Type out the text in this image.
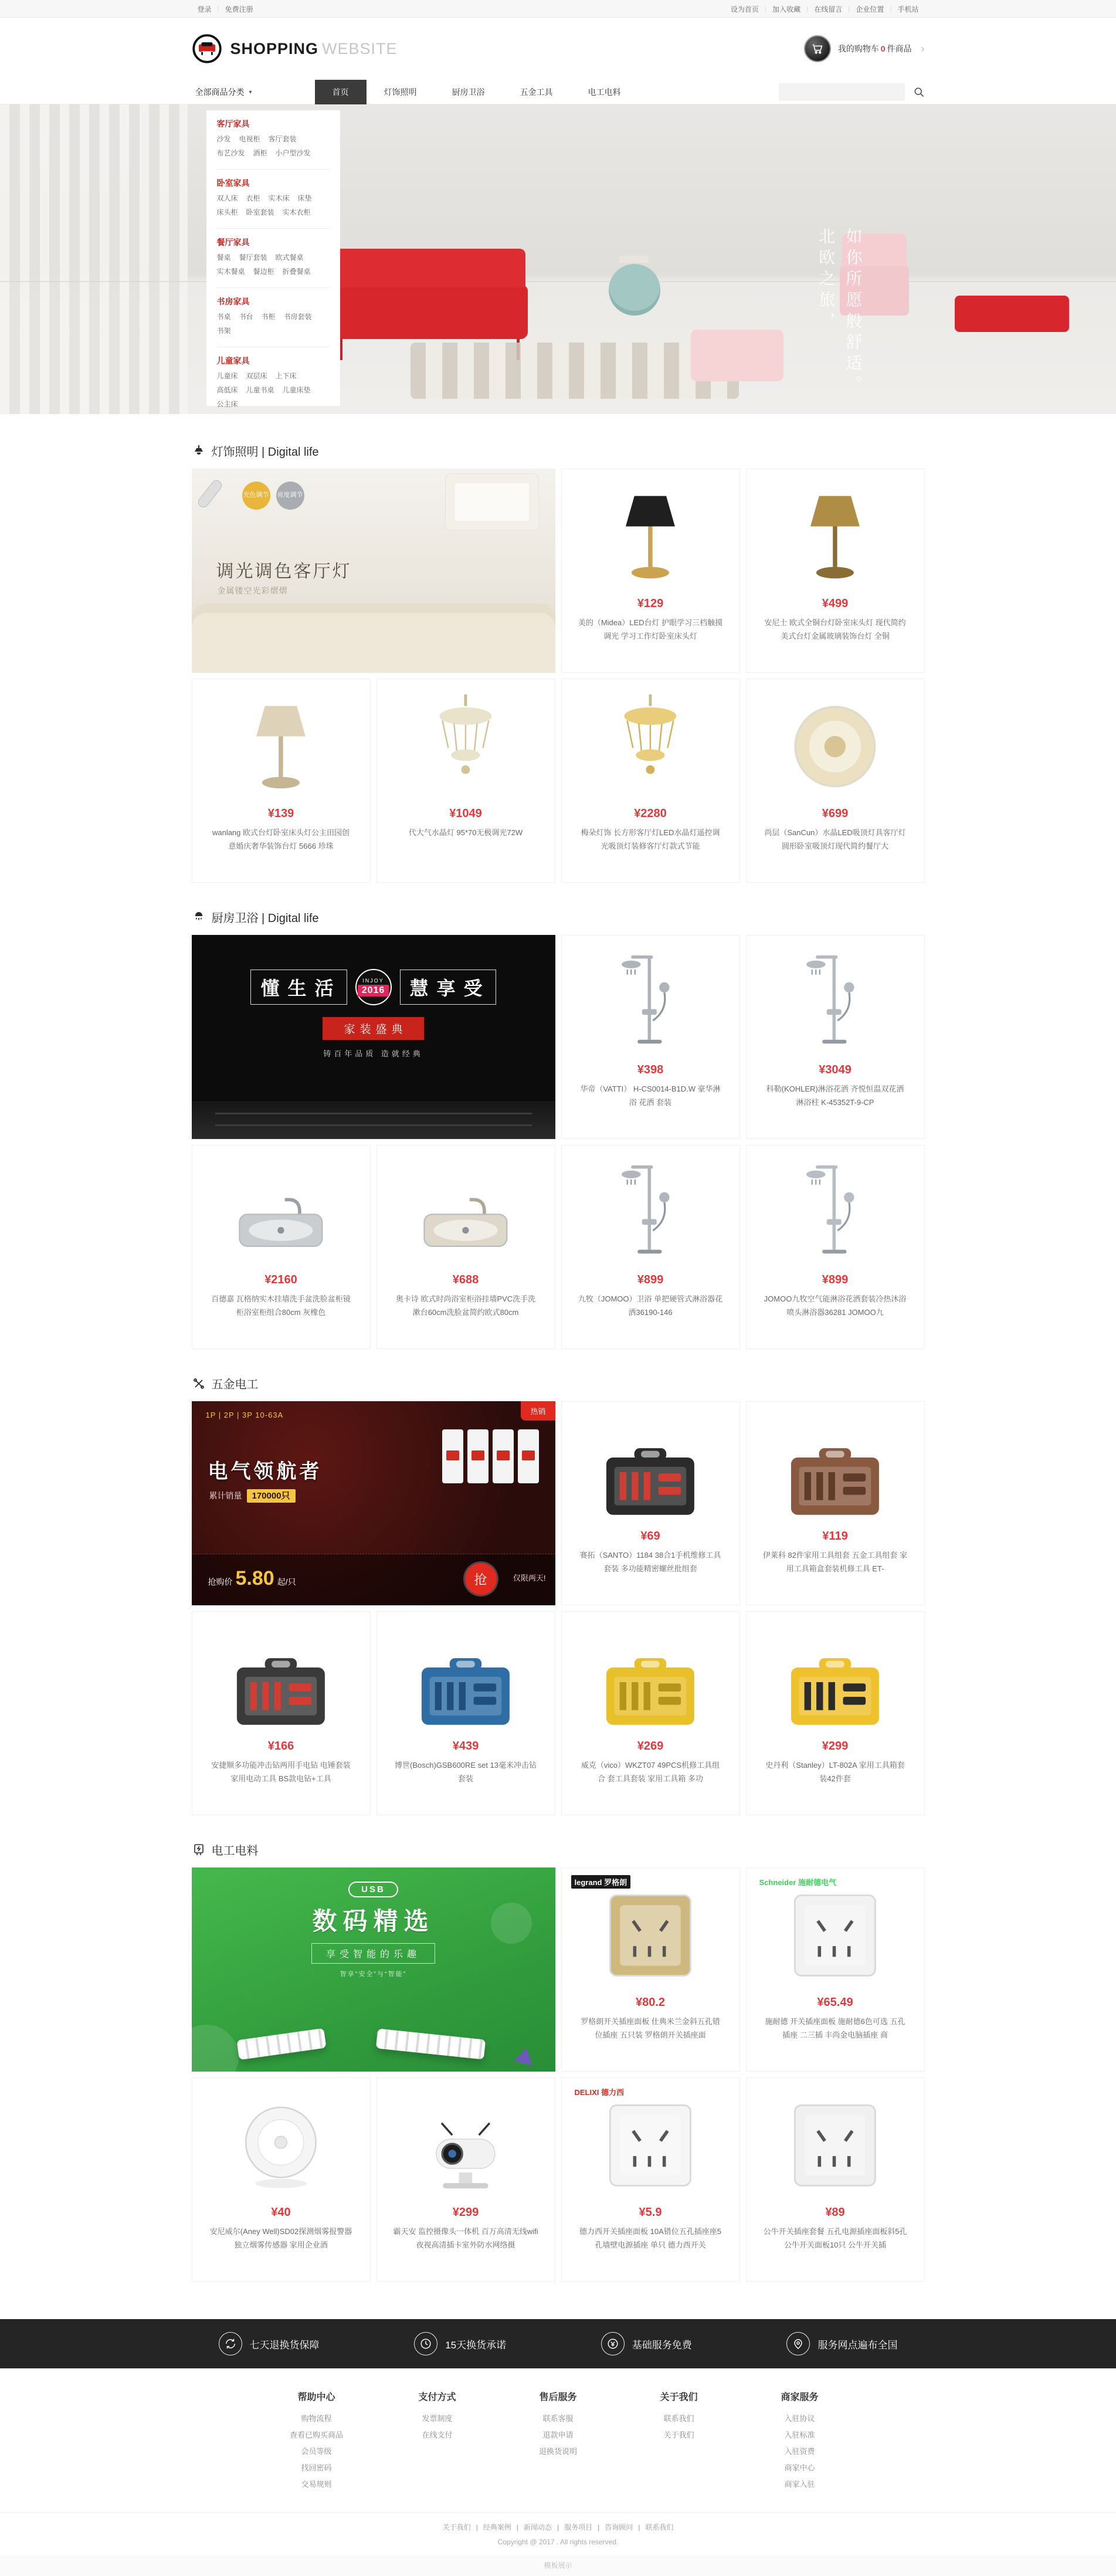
登录 | 免费注册	设为首页 | 加入收藏 | 在线留言 | 企业位置 | 手机站
SHOPPING WEBSITE	我的购物车 0 件商品 ›
全部商品分类 ▾	首页	灯饰照明	厨房卫浴	五金工具	电工电料

如你所愿般舒适。

北欧之旅，

客厅家具
沙发 电视柜 客厅套装布艺沙发 酒柜 小户型沙发
卧室家具
双人床 衣柜 实木床 床垫床头柜 卧室套装 实木衣柜
餐厅家具
餐桌 餐厅套装 欧式餐桌实木餐桌 餐边柜 折叠餐桌
书房家具
书桌 书台 书柜 书房套装书架
儿童家具
儿童床 双层床 上下床高低床 儿童书桌 儿童床垫公主床
灯饰照明 | Digital life
光色调节 亮度调节
调光调色客厅灯
金属镂空光彩熠熠
¥129
美的（Midea）LED台灯 护眼学习三档触摸调光 学习工作灯卧室床头灯
¥499
安尼士 欧式全铜台灯卧室床头灯 现代简约美式台灯金属玻璃装饰台灯 全铜
¥139
wanlang 欧式台灯卧室床头灯公主田园创意婚庆奢华装饰台灯 5666 珍珠
¥1049
代大气水晶灯 95*70无极调光72W
¥2280
梅朵灯饰 长方形客厅灯LED水晶灯遥控调光吸顶灯装修客厅灯款式节能
¥699
尚层（SanCun）水晶LED吸顶灯具客厅灯圆形卧室吸顶灯现代简约餐厅大
厨房卫浴 | Digital life
懂生活	INJOY
2016	慧享受
家装盛典
铸百年品质 造就经典
¥398
华帝（VATTI） H-CS0014-B1D.W 豪华淋浴 花洒 套装
¥3049
科勒(KOHLER)淋浴花洒 齐悦恒温双花洒淋浴柱 K-45352T-9-CP
¥2160
百德嘉 瓦格纳实木挂墙洗手盆洗脸盆柜镜柜浴室柜组合80cm 灰橡色
¥688
奥卡诗 欧式时尚浴室柜浴挂墙PVC洗手洗漱台60cm洗脸盆简约欧式80cm
¥899
九牧（JOMOO）卫浴 单把硬管式淋浴器花洒36190-146
¥899
JOMOO九牧空气能淋浴花洒套装冷热沐浴喷头淋浴器36281 JOMOO九
五金电工
1P | 2P | 3P 10-63A	热销
电气领航者
累计销量 170000只
抢购价 5.80 起/只	抢	仅限两天!
¥69
赛拓（SANTO）1184 38合1手机维修工具套装 多功能精密螺丝批组套
¥119
伊莱科 82件家用工具组套 五金工具组套 家用工具箱盒套装机修工具 ET-
¥166
安捷顺多功能冲击钻两用手电钻 电锤套装家用电动工具 BS款电钻+工具
¥439
博世(Bosch)GSB600RE set 13毫米冲击钻套装
¥269
威克（vico）WKZT07 49PCS机修工具组合 套工具套装 家用工具箱 多功
¥299
史丹利（Stanley）LT-802A 家用工具箱套装42件套
电工电料
USB
数码精选
享受智能的乐趣
智享“安全”与“智能”
¥80.2
罗格朗开关插座面板 仕典米兰金斜五孔错位插座 五只装 罗格朗开关插座面
legrand 罗格朗
¥65.49
施耐德 开关插座面板 施耐德6色可选 五孔插座 二三插 丰尚金电脑插座 商
Schneider 施耐德电气
¥40
安尼威尔(Aney Well)SD02探测烟雾报警器 独立烟雾传感器 家用企业酒
¥299
霸天安 监控摄像头一体机 百万高清无线wifi夜视高清插卡室外防水网络摄
¥5.9
德力西开关插座面板 10A错位五孔插座座5孔墙壁电源插座 单只 德力西开关
DELIXI 德力西
¥89
公牛开关插座套餐 五孔电源插座面板斜5孔公牛开关面板10只 公牛开关插
七天退换货保障	15天换货承诺	基础服务免费	服务网点遍布全国
帮助中心
购物流程
查看已购买商品
会员等级
找回密码
交易规则
支付方式
发票制度
在线支付
售后服务
联系客服
退款申请
退换货说明
关于我们
联系我们
关于我们
商家服务
入驻协议
入驻标准
入驻资费
商家中心
商家入驻
关于我们 | 经典案例 | 新闻动态 | 服务项目 | 咨询顾问 | 联系我们
Copyright @ 2017 . All rights reserved.
模板展示
